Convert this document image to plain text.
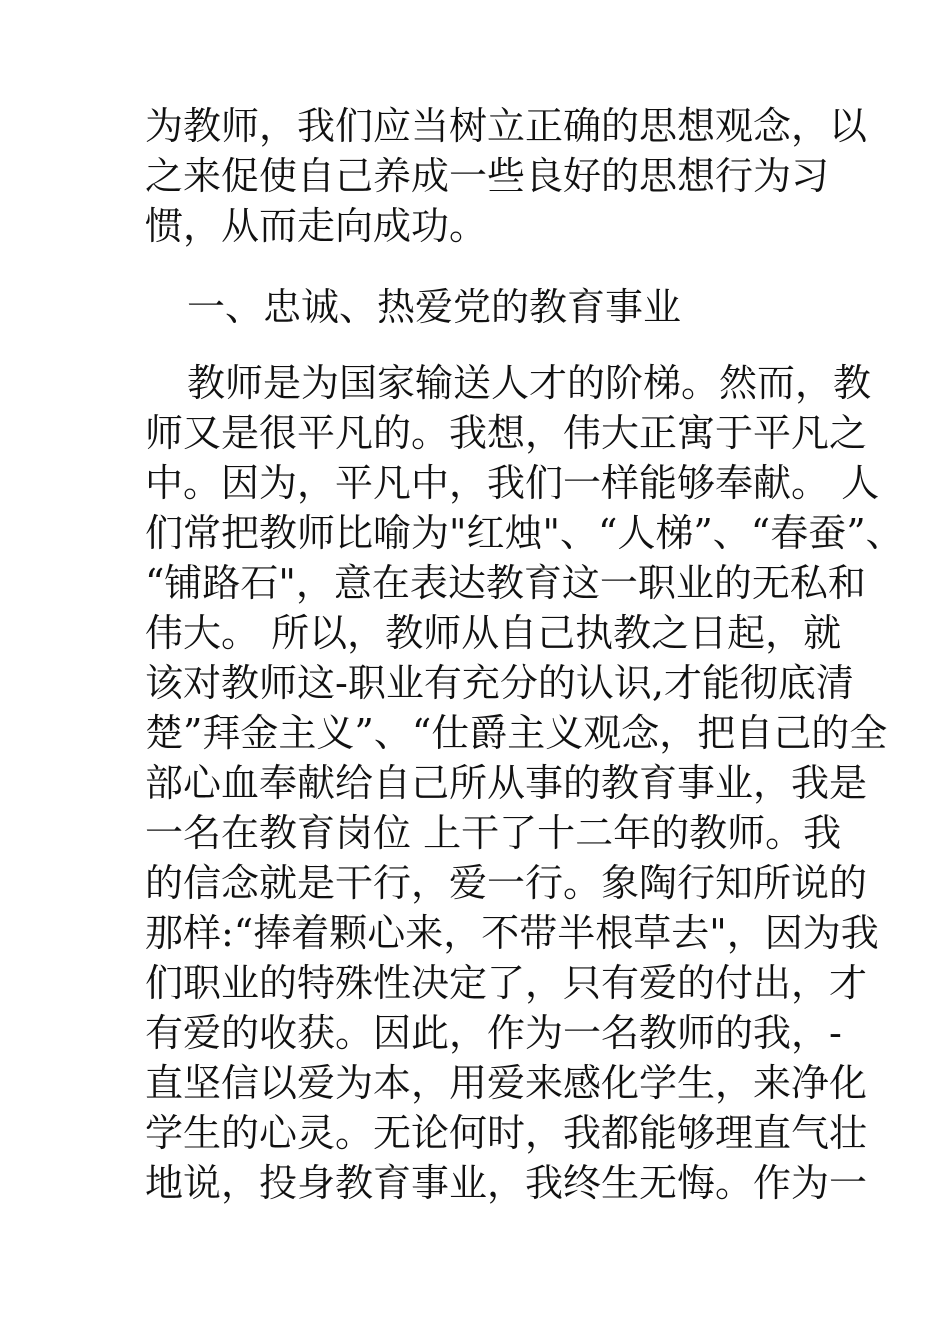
为教师，我们应当树立正确的思想观念，以
之来促使自己养成一些良好的思想行为习
惯，从而走向成功。
一、忠诚、热爱党的教育事业
教师是为国家输送人才的阶梯。然而，教
师又是很平凡的。我想，伟大正寓于平凡之
中。因为，平凡中，我们一样能够奉献。 人
们常把教师比喻为"红烛"、“人梯”、“春蚕”、
“铺路石"，意在表达教育这一职业的无私和
伟大。 所以，教师从自己执教之日起，就
该对教师这-职业有充分的认识,才能彻底清
楚”拜金主义”、“仕爵主义观念，把自己的全
部心血奉献给自己所从事的教育事业，我是
一名在教育岗位 上干了十二年的教师。我
的信念就是干行，爱一行。象陶行知所说的
那样:“捧着颗心来，不带半根草去"，因为我
们职业的特殊性决定了，只有爱的付出，才
有爱的收获。因此，作为一名教师的我，-
直坚信以爱为本，用爱来感化学生，来净化
学生的心灵。无论何时，我都能够理直气壮
地说，投身教育事业，我终生无悔。作为一
